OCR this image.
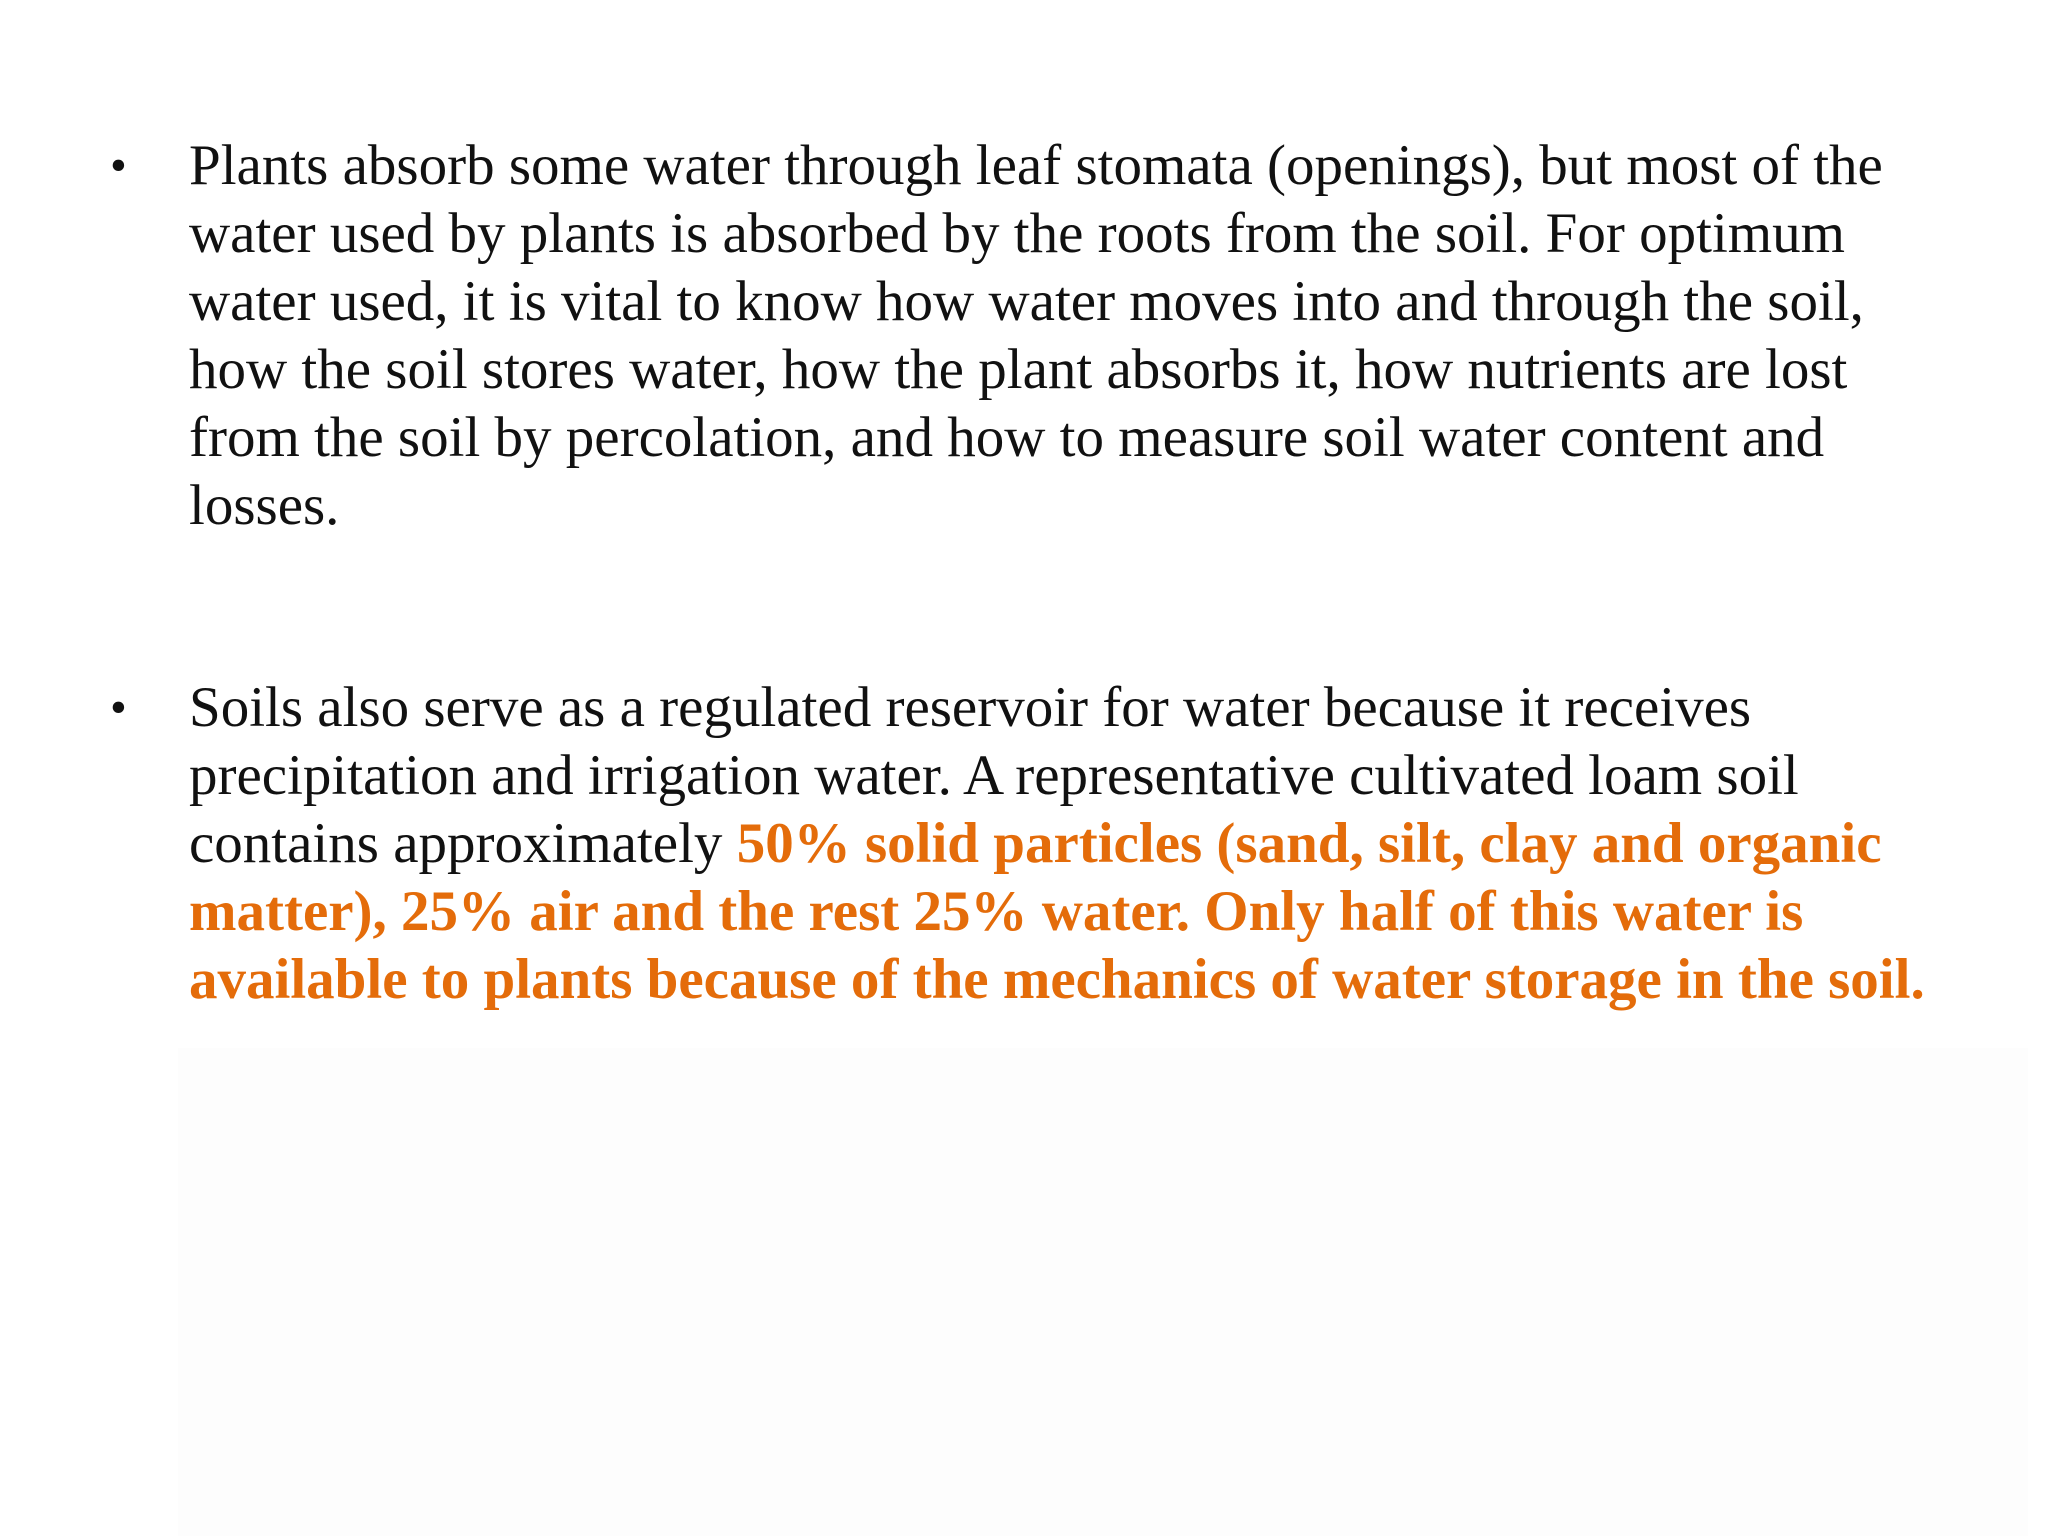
• Plants absorb some water through leaf stomata (openings), but most of the water used by plants is absorbed by the roots from the soil. For optimum water used, it is vital to know how water moves into and through the soil, how the soil stores water, how the plant absorbs it, how nutrients are lost from the soil by percolation, and how to measure soil water content and losses.
• Soils also serve as a regulated reservoir for water because it receives precipitation and irrigation water. A representative cultivated loam soil contains approximately 50% solid particles (sand, silt, clay and organic matter), 25% air and the rest 25% water. Only half of this water is available to plants because of the mechanics of water storage in the soil.
